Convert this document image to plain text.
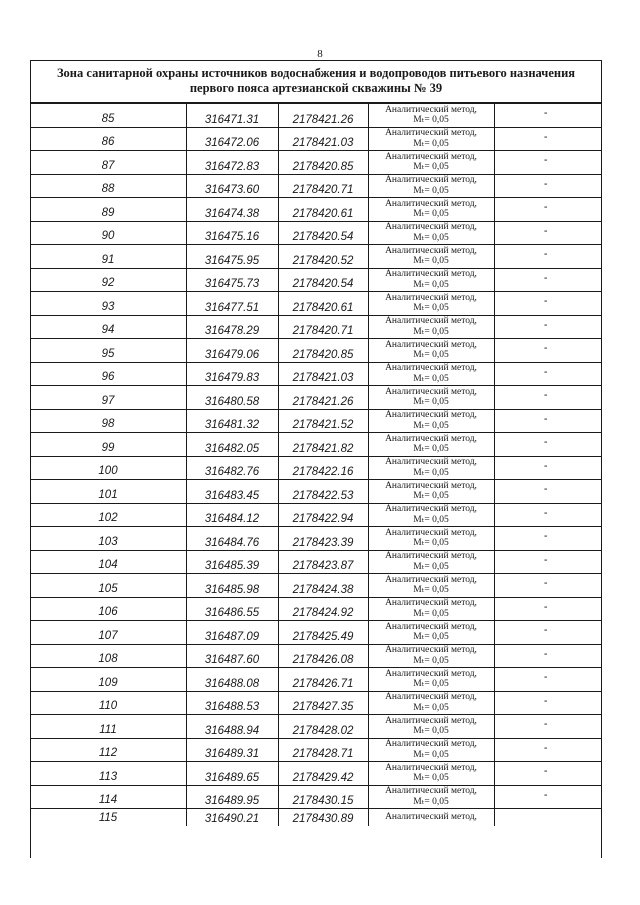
8
Зона санитарной охраны источников водоснабжения и водопроводов питьевого назначения
первого пояса артезианской скважины № 39
85	316471.31	2178421.26	Аналитический метод,
Mₜ= 0,05	-
86	316472.06	2178421.03	Аналитический метод,
Mₜ= 0,05	-
87	316472.83	2178420.85	Аналитический метод,
Mₜ= 0,05	-
88	316473.60	2178420.71	Аналитический метод,
Mₜ= 0,05	-
89	316474.38	2178420.61	Аналитический метод,
Mₜ= 0,05	-
90	316475.16	2178420.54	Аналитический метод,
Mₜ= 0,05	-
91	316475.95	2178420.52	Аналитический метод,
Mₜ= 0,05	-
92	316475.73	2178420.54	Аналитический метод,
Mₜ= 0,05	-
93	316477.51	2178420.61	Аналитический метод,
Mₜ= 0,05	-
94	316478.29	2178420.71	Аналитический метод,
Mₜ= 0,05	-
95	316479.06	2178420.85	Аналитический метод,
Mₜ= 0,05	-
96	316479.83	2178421.03	Аналитический метод,
Mₜ= 0,05	-
97	316480.58	2178421.26	Аналитический метод,
Mₜ= 0,05	-
98	316481.32	2178421.52	Аналитический метод,
Mₜ= 0,05	-
99	316482.05	2178421.82	Аналитический метод,
Mₜ= 0,05	-
100	316482.76	2178422.16	Аналитический метод,
Mₜ= 0,05	-
101	316483.45	2178422.53	Аналитический метод,
Mₜ= 0,05	-
102	316484.12	2178422.94	Аналитический метод,
Mₜ= 0,05	-
103	316484.76	2178423.39	Аналитический метод,
Mₜ= 0,05	-
104	316485.39	2178423.87	Аналитический метод,
Mₜ= 0,05	-
105	316485.98	2178424.38	Аналитический метод,
Mₜ= 0,05	-
106	316486.55	2178424.92	Аналитический метод,
Mₜ= 0,05	-
107	316487.09	2178425.49	Аналитический метод,
Mₜ= 0,05	-
108	316487.60	2178426.08	Аналитический метод,
Mₜ= 0,05	-
109	316488.08	2178426.71	Аналитический метод,
Mₜ= 0,05	-
110	316488.53	2178427.35	Аналитический метод,
Mₜ= 0,05	-
111	316488.94	2178428.02	Аналитический метод,
Mₜ= 0,05	-
112	316489.31	2178428.71	Аналитический метод,
Mₜ= 0,05	-
113	316489.65	2178429.42	Аналитический метод,
Mₜ= 0,05	-
114	316489.95	2178430.15	Аналитический метод,
Mₜ= 0,05	-
115	316490.21	2178430.89	Аналитический метод,	
